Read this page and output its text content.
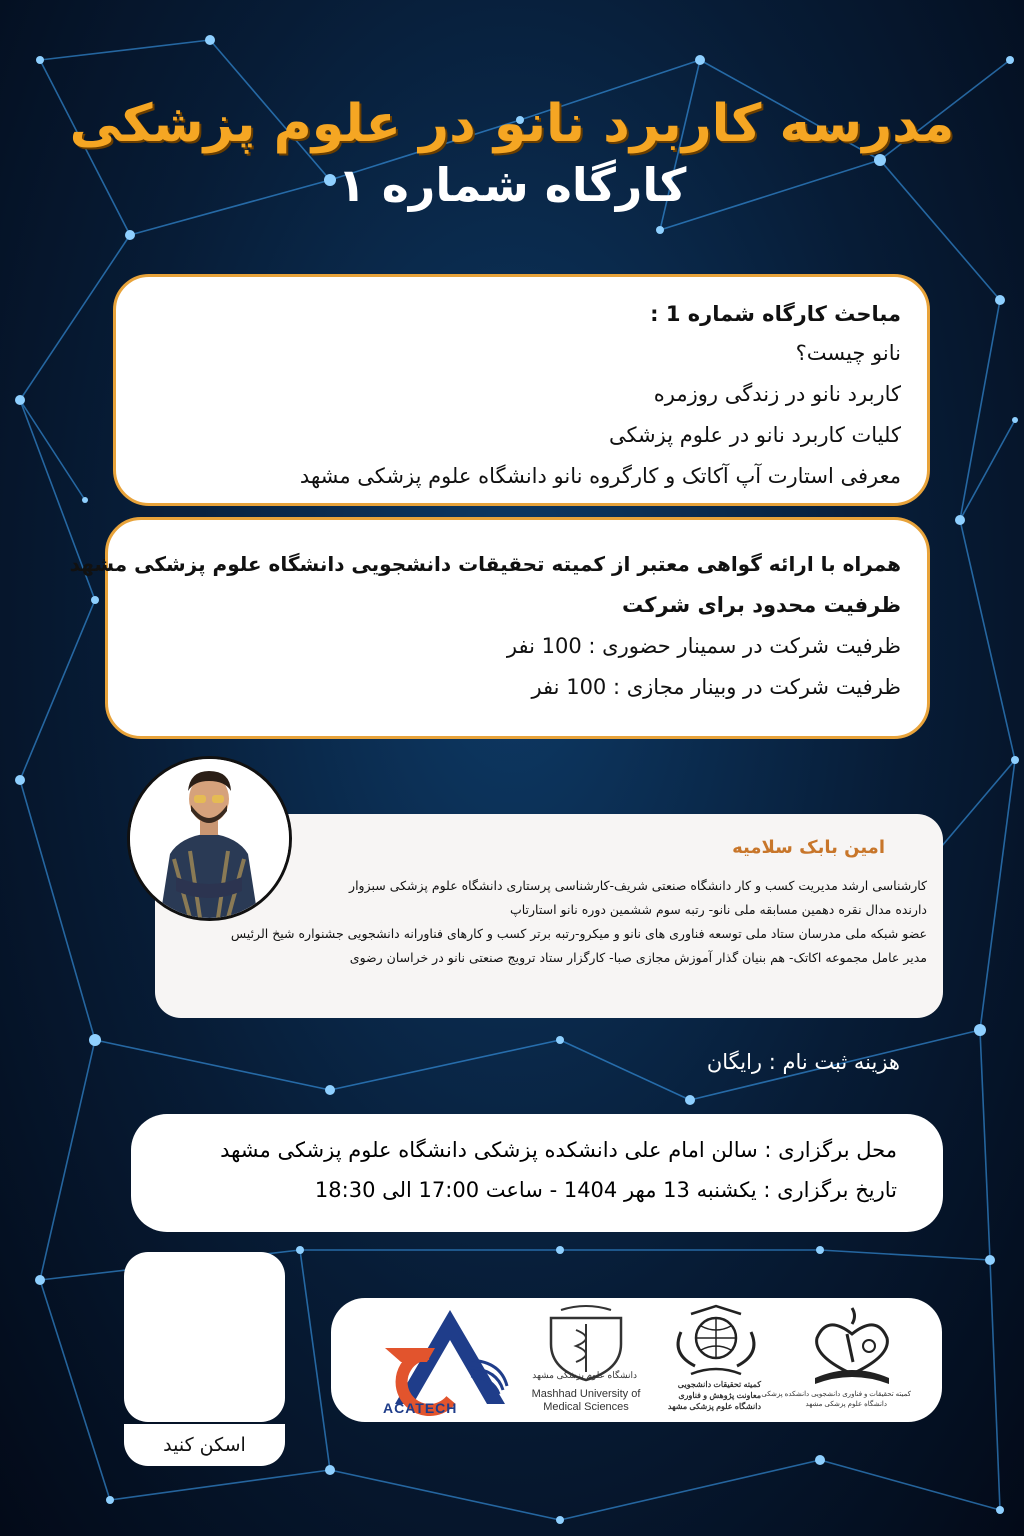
مدرسه کاربرد نانو در علوم پزشکی
کارگاه شماره ۱
مباحث کارگاه شماره 1 :
نانو چیست؟
کاربرد نانو در زندگی روزمره
کلیات کاربرد نانو در علوم پزشکی
معرفی استارت آپ آکاتک و کارگروه نانو دانشگاه علوم پزشکی مشهد
همراه با ارائه گواهی معتبر از کمیته تحقیقات دانشجویی دانشگاه علوم پزشکی مشهد
ظرفیت محدود برای شرکت
ظرفیت شرکت در سمینار حضوری : 100 نفر
ظرفیت شرکت در وبینار مجازی : 100 نفر
امین بابک سلامیه
کارشناسی ارشد مدیریت کسب و کار دانشگاه صنعتی شریف-کارشناسی پرستاری دانشگاه علوم پزشکی سبزوار
دارنده مدال نقره دهمین مسابقه ملی نانو- رتبه سوم ششمین دوره نانو استارتاپ
عضو شبکه ملی مدرسان ستاد ملی توسعه فناوری های نانو و میکرو-رتبه برتر کسب و کارهای فناورانه دانشجویی جشنواره شیخ الرئیس
مدیر عامل مجموعه اکاتک- هم بنیان گذار آموزش مجازی صبا- کارگزار ستاد ترویج صنعتی نانو در خراسان رضوی
هزینه ثبت نام : رایگان
محل برگزاری : سالن امام علی دانشکده پزشکی دانشگاه علوم پزشکی مشهد
تاریخ برگزاری : یکشنبه 13 مهر 1404 - ساعت 17:00 الی 18:30
اسکن کنید
ACATECH
دانشگاه علوم پزشکی مشهد
Mashhad University of
Medical Sciences
کمیته تحقیقات دانشجویی
معاونت پژوهش و فناوری
دانشگاه علوم پزشکی مشهد
کمیته تحقیقات و فناوری دانشجویی دانشکده پزشکی
دانشگاه علوم پزشکی مشهد
